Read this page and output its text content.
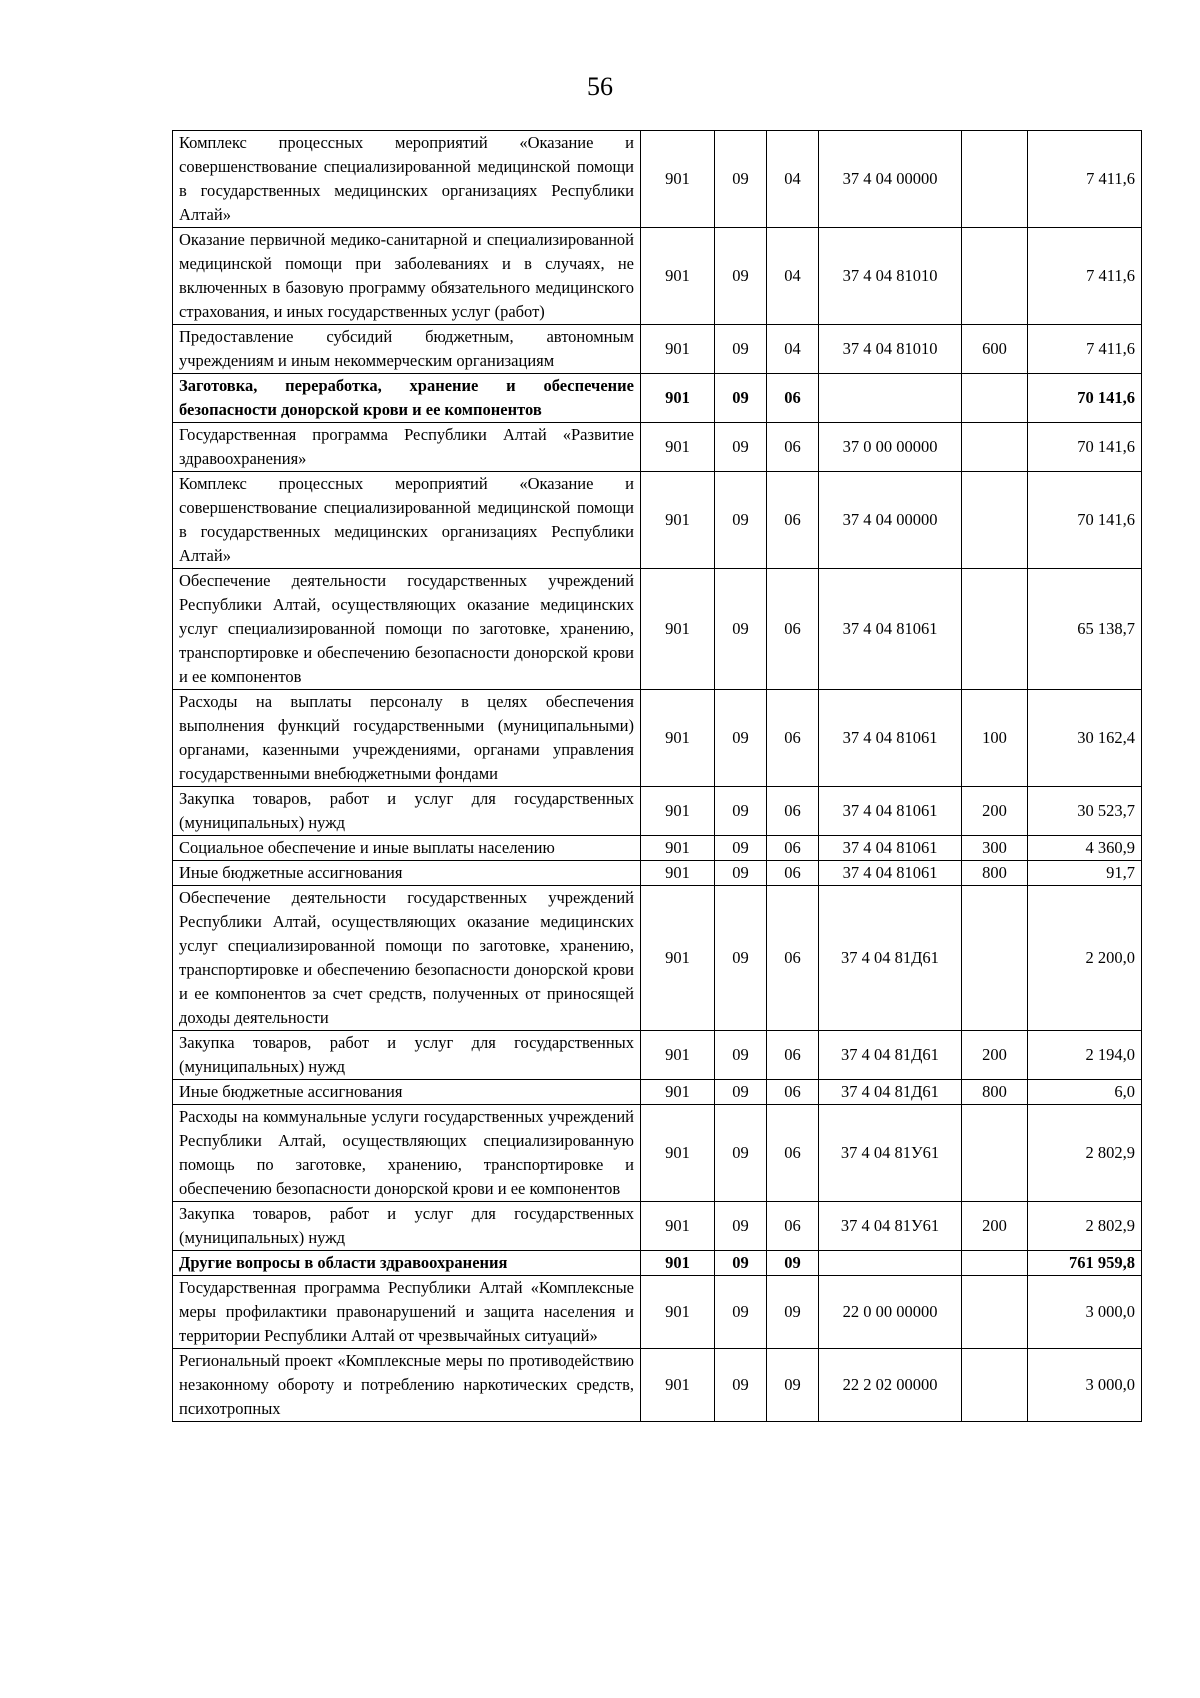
56
Комплекс процессных мероприятий «Оказание и совершенствование специализированной медицинской помощи в государственных медицинских организациях Республики Алтай»	901	09	04	37 4 04 00000		7 411,6
Оказание первичной медико-санитарной и специализированной медицинской помощи при заболеваниях и в случаях, не включенных в базовую программу обязательного медицинского страхования, и иных государственных услуг (работ)	901	09	04	37 4 04 81010		7 411,6
Предоставление субсидий бюджетным, автономным учреждениям и иным некоммерческим организациям	901	09	04	37 4 04 81010	600	7 411,6
Заготовка, переработка, хранение и обеспечение безопасности донорской крови и ее компонентов	901	09	06			70 141,6
Государственная программа Республики Алтай «Развитие здравоохранения»	901	09	06	37 0 00 00000		70 141,6
Комплекс процессных мероприятий «Оказание и совершенствование специализированной медицинской помощи в государственных медицинских организациях Республики Алтай»	901	09	06	37 4 04 00000		70 141,6
Обеспечение деятельности государственных учреждений Республики Алтай, осуществляющих оказание медицинских услуг специализированной помощи по заготовке, хранению, транспортировке и обеспечению безопасности донорской крови и ее компонентов	901	09	06	37 4 04 81061		65 138,7
Расходы на выплаты персоналу в целях обеспечения выполнения функций государственными (муниципальными) органами, казенными учреждениями, органами управления государственными внебюджетными фондами	901	09	06	37 4 04 81061	100	30 162,4
Закупка товаров, работ и услуг для государственных (муниципальных) нужд	901	09	06	37 4 04 81061	200	30 523,7
Социальное обеспечение и иные выплаты населению	901	09	06	37 4 04 81061	300	4 360,9
Иные бюджетные ассигнования	901	09	06	37 4 04 81061	800	91,7
Обеспечение деятельности государственных учреждений Республики Алтай, осуществляющих оказание медицинских услуг специализированной помощи по заготовке, хранению, транспортировке и обеспечению безопасности донорской крови и ее компонентов за счет средств, полученных от приносящей доходы деятельности	901	09	06	37 4 04 81Д61		2 200,0
Закупка товаров, работ и услуг для государственных (муниципальных) нужд	901	09	06	37 4 04 81Д61	200	2 194,0
Иные бюджетные ассигнования	901	09	06	37 4 04 81Д61	800	6,0
Расходы на коммунальные услуги государственных учреждений Республики Алтай, осуществляющих специализированную помощь по заготовке, хранению, транспортировке и обеспечению безопасности донорской крови и ее компонентов	901	09	06	37 4 04 81У61		2 802,9
Закупка товаров, работ и услуг для государственных (муниципальных) нужд	901	09	06	37 4 04 81У61	200	2 802,9
Другие вопросы в области здравоохранения	901	09	09			761 959,8
Государственная программа Республики Алтай «Комплексные меры профилактики правонарушений и защита населения и территории Республики Алтай от чрезвычайных ситуаций»	901	09	09	22 0 00 00000		3 000,0
Региональный проект «Комплексные меры по противодействию незаконному обороту и потреблению наркотических средств, психотропных	901	09	09	22 2 02 00000		3 000,0
